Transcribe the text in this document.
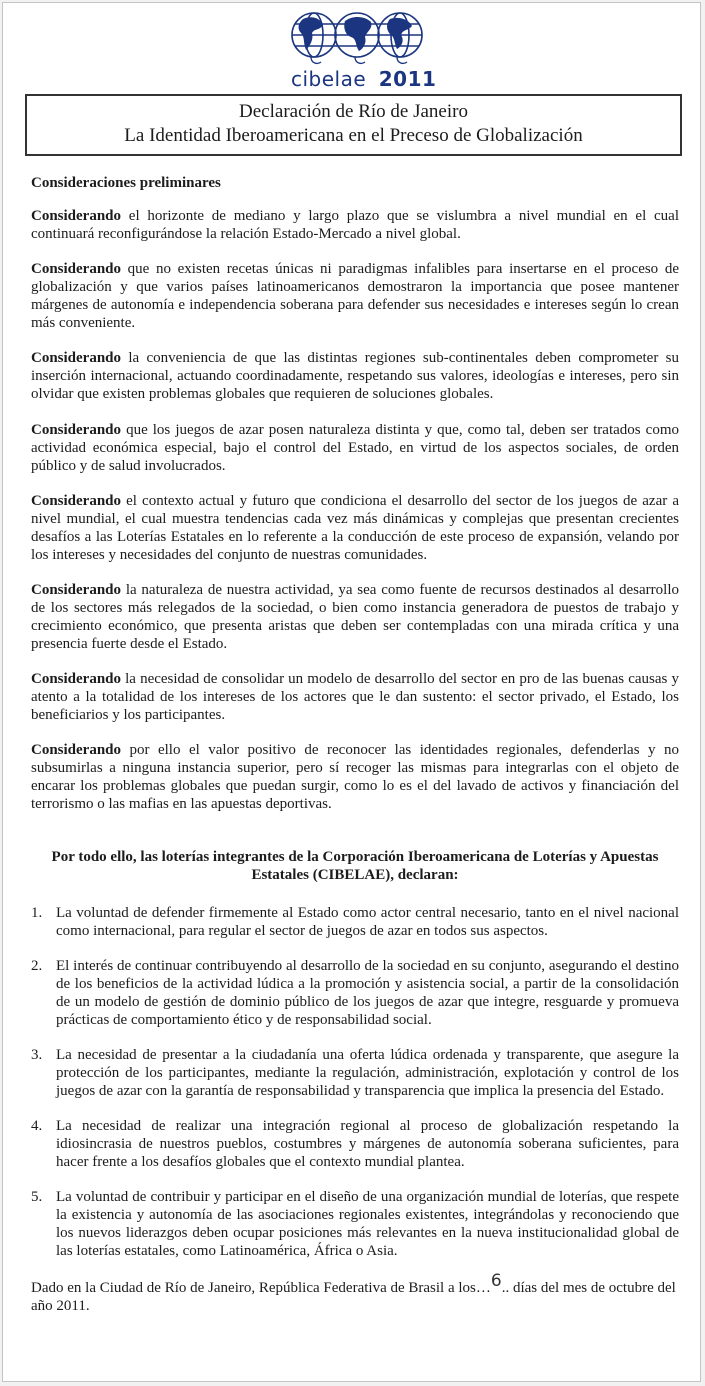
cibelae 2011
Declaración de Río de Janeiro
La Identidad Iberoamericana en el Preceso de Globalización
Consideraciones preliminares

Considerando el horizonte de mediano y largo plazo que se vislumbra a nivel mundial en el cual continuará reconfigurándose la relación Estado-Mercado a nivel global.

Considerando que no existen recetas únicas ni paradigmas infalibles para insertarse en el proceso de globalización y que varios países latinoamericanos demostraron la importancia que posee mantener márgenes de autonomía e independencia soberana para defender sus necesidades e intereses según lo crean más conveniente.

Considerando la conveniencia de que las distintas regiones sub-continentales deben comprometer su inserción internacional, actuando coordinadamente, respetando sus valores, ideologías e intereses, pero sin olvidar que existen problemas globales que requieren de soluciones globales.

Considerando que los juegos de azar posen naturaleza distinta y que, como tal, deben ser tratados como actividad económica especial, bajo el control del Estado, en virtud de los aspectos sociales, de orden público y de salud involucrados.

Considerando el contexto actual y futuro que condiciona el desarrollo del sector de los juegos de azar a nivel mundial, el cual muestra tendencias cada vez más dinámicas y complejas que presentan crecientes desafíos a las Loterías Estatales en lo referente a la conducción de este proceso de expansión, velando por los intereses y necesidades del conjunto de nuestras comunidades.

Considerando la naturaleza de nuestra actividad, ya sea como fuente de recursos destinados al desarrollo de los sectores más relegados de la sociedad, o bien como instancia generadora de puestos de trabajo y crecimiento económico, que presenta aristas que deben ser contempladas con una mirada crítica y una presencia fuerte desde el Estado.

Considerando la necesidad de consolidar un modelo de desarrollo del sector en pro de las buenas causas y atento a la totalidad de los intereses de los actores que le dan sustento: el sector privado, el Estado, los beneficiarios y los participantes.

Considerando por ello el valor positivo de reconocer las identidades regionales, defenderlas y no subsumirlas a ninguna instancia superior, pero sí recoger las mismas para integrarlas con el objeto de encarar los problemas globales que puedan surgir, como lo es el del lavado de activos y financiación del terrorismo o las mafias en las apuestas deportivas.

Por todo ello, las loterías integrantes de la Corporación Iberoamericana de Loterías y Apuestas Estatales (CIBELAE), declaran:
1. La voluntad de defender firmemente al Estado como actor central necesario, tanto en el nivel nacional como internacional, para regular el sector de juegos de azar en todos sus aspectos.
2. El interés de continuar contribuyendo al desarrollo de la sociedad en su conjunto, asegurando el destino de los beneficios de la actividad lúdica a la promoción y asistencia social, a partir de la consolidación de un modelo de gestión de dominio público de los juegos de azar que integre, resguarde y promueva prácticas de comportamiento ético y de responsabilidad social.
3. La necesidad de presentar a la ciudadanía una oferta lúdica ordenada y transparente, que asegure la protección de los participantes, mediante la regulación, administración, explotación y control de los juegos de azar con la garantía de responsabilidad y transparencia que implica la presencia del Estado.
4. La necesidad de realizar una integración regional al proceso de globalización respetando la idiosincrasia de nuestros pueblos, costumbres y márgenes de autonomía soberana suficientes, para hacer frente a los desafíos globales que el contexto mundial plantea.
5. La voluntad de contribuir y participar en el diseño de una organización mundial de loterías, que respete la existencia y autonomía de las asociaciones regionales existentes, integrándolas y reconociendo que los nuevos liderazgos deben ocupar posiciones más relevantes en la nueva institucionalidad global de las loterías estatales, como Latinoamérica, África o Asia.
Dado en la Ciudad de Río de Janeiro, República Federativa de Brasil a los…6.. días del mes de octubre del año 2011.
